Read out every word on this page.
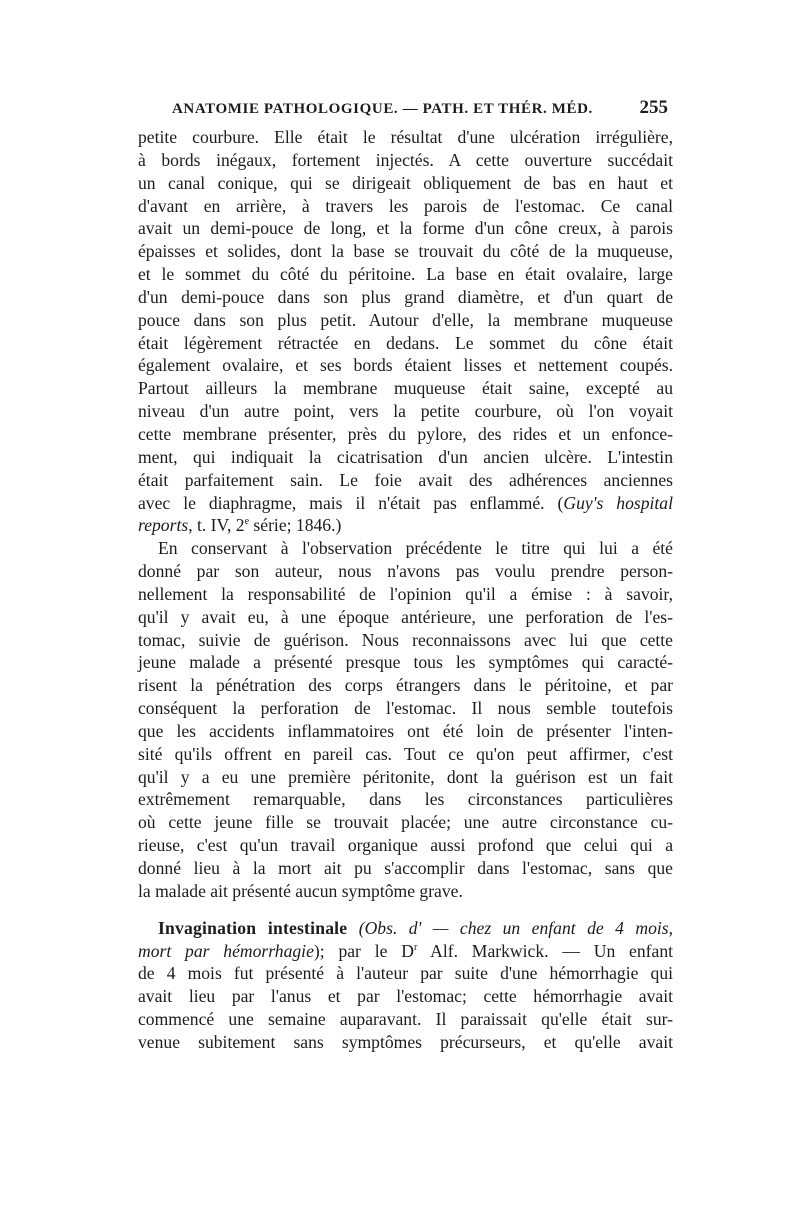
ANATOMIE PATHOLOGIQUE. — PATH. ET THÉR. MÉD. 255
petite courbure. Elle était le résultat d'une ulcération irrégulière,
à bords inégaux, fortement injectés. A cette ouverture succédait
un canal conique, qui se dirigeait obliquement de bas en haut et
d'avant en arrière, à travers les parois de l'estomac. Ce canal
avait un demi-pouce de long, et la forme d'un cône creux, à parois
épaisses et solides, dont la base se trouvait du côté de la muqueuse,
et le sommet du côté du péritoine. La base en était ovalaire, large
d'un demi-pouce dans son plus grand diamètre, et d'un quart de
pouce dans son plus petit. Autour d'elle, la membrane muqueuse
était légèrement rétractée en dedans. Le sommet du cône était
également ovalaire, et ses bords étaient lisses et nettement coupés.
Partout ailleurs la membrane muqueuse était saine, excepté au
niveau d'un autre point, vers la petite courbure, où l'on voyait
cette membrane présenter, près du pylore, des rides et un enfonce-
ment, qui indiquait la cicatrisation d'un ancien ulcère. L'intestin
était parfaitement sain. Le foie avait des adhérences anciennes
avec le diaphragme, mais il n'était pas enflammé. (Guy's hospital
reports, t. IV, 2e série; 1846.)
En conservant à l'observation précédente le titre qui lui a été
donné par son auteur, nous n'avons pas voulu prendre person-
nellement la responsabilité de l'opinion qu'il a émise : à savoir,
qu'il y avait eu, à une époque antérieure, une perforation de l'es-
tomac, suivie de guérison. Nous reconnaissons avec lui que cette
jeune malade a présenté presque tous les symptômes qui caracté-
risent la pénétration des corps étrangers dans le péritoine, et par
conséquent la perforation de l'estomac. Il nous semble toutefois
que les accidents inflammatoires ont été loin de présenter l'inten-
sité qu'ils offrent en pareil cas. Tout ce qu'on peut affirmer, c'est
qu'il y a eu une première péritonite, dont la guérison est un fait
extrêmement remarquable, dans les circonstances particulières
où cette jeune fille se trouvait placée; une autre circonstance cu-
rieuse, c'est qu'un travail organique aussi profond que celui qui a
donné lieu à la mort ait pu s'accomplir dans l'estomac, sans que
la malade ait présenté aucun symptôme grave.
Invagination intestinale (Obs. d' — chez un enfant de 4 mois,
mort par hémorrhagie); par le $D^r$ Alf. Markwick. — Un enfant
de 4 mois fut présenté à l'auteur par suite d'une hémorrhagie qui
avait lieu par l'anus et par l'estomac; cette hémorrhagie avait
commencé une semaine auparavant. Il paraissait qu'elle était sur-
venue subitement sans symptômes précurseurs, et qu'elle avait
